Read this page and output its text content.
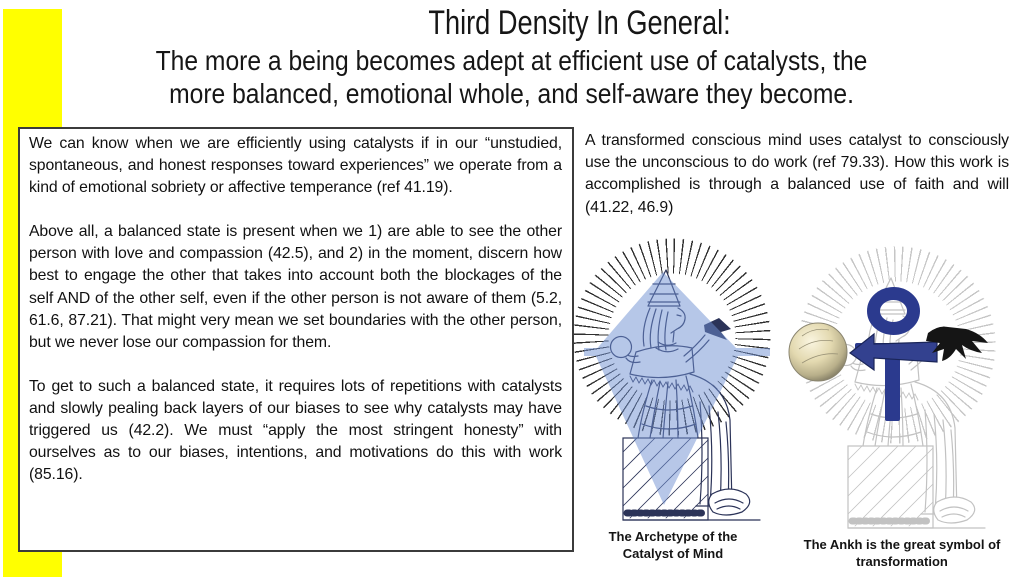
Third Density In General:
The more a being becomes adept at efficient use of catalysts, the
more balanced, emotional whole, and self-aware they become.

We can know when we are efficiently using catalysts if in our “unstudied, spontaneous, and honest responses toward experiences” we operate from a kind of emotional sobriety or affective temperance (ref 41.19).

Above all, a balanced state is present when we 1) are able to see the other person with love and compassion (42.5), and 2) in the moment, discern how best to engage the other that takes into account both the blockages of the self AND of the other self, even if the other person is not aware of them (5.2, 61.6, 87.21). That might very mean we set boundaries with the other person, but we never lose our compassion for them.

To get to such a balanced state, it requires lots of repetitions with catalysts and slowly pealing back layers of our biases to see why catalysts may have triggered us (42.2). We must “apply the most stringent honesty” with ourselves as to our biases, intentions, and motivations do this with work (85.16).

A transformed conscious mind uses catalyst to consciously use the unconscious to do work (ref 79.33). How this work is accomplished is through a balanced use of faith and will (41.22, 46.9)

The Archetype of the Catalyst of Mind
The Ankh is the great symbol of transformation
